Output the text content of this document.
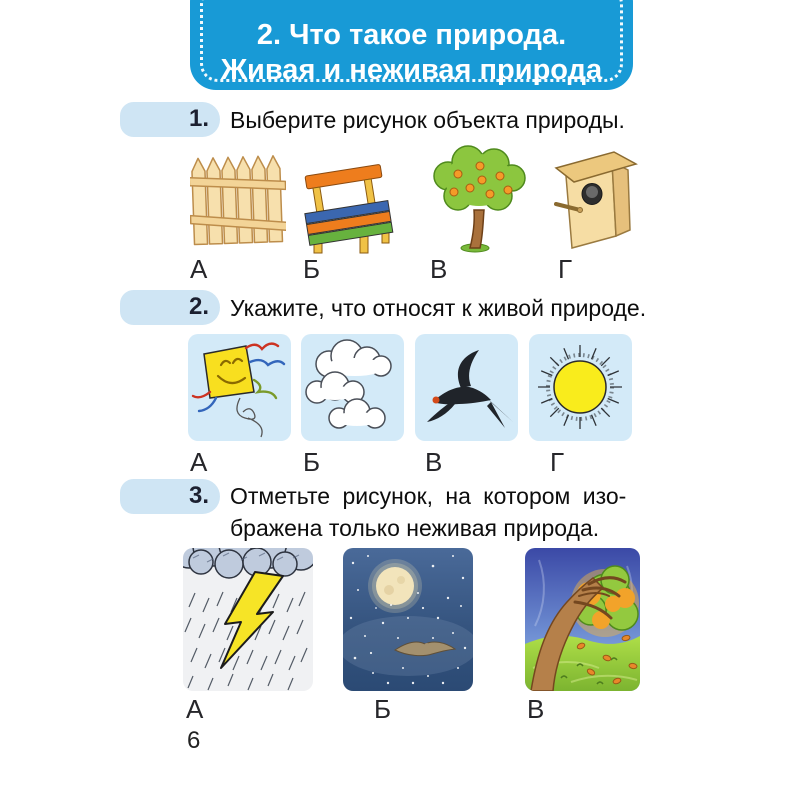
2. Что такое природа.
Живая и неживая природа
1. Выберите рисунок объекта природы.
А	Б	В	Г
2. Укажите, что относят к живой природе.
А	Б	В	Г
3. Отметьте рисунок, на котором изо-
бражена только неживая природа.
А	Б	В
6
